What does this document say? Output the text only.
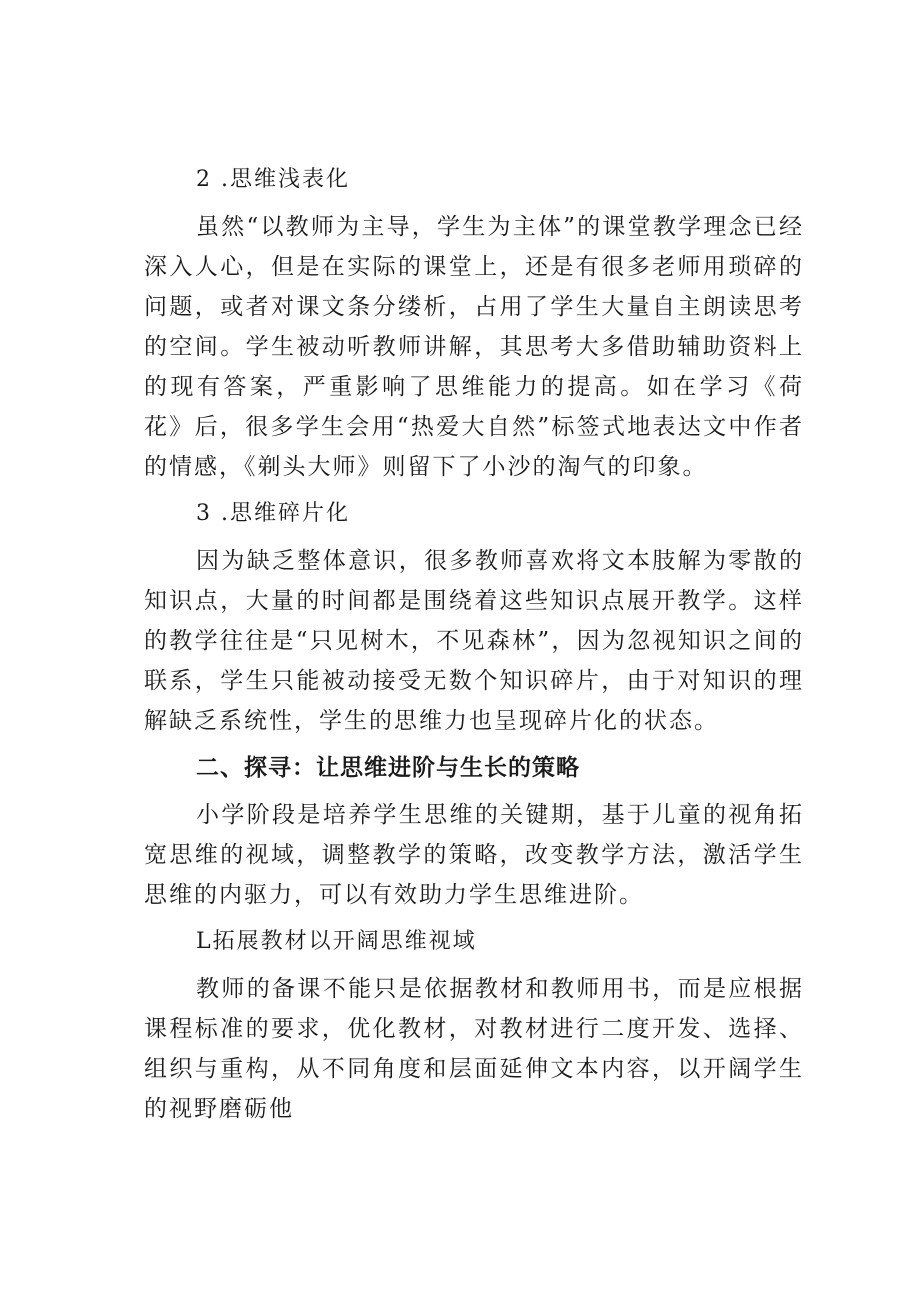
2 .思维浅表化

虽然“以教师为主导，学生为主体”的课堂教学理念已经深入人心，但是在实际的课堂上，还是有很多老师用琐碎的问题，或者对课文条分缕析，占用了学生大量自主朗读思考的空间。学生被动听教师讲解，其思考大多借助辅助资料上的现有答案，严重影响了思维能力的提高。如在学习《荷花》后，很多学生会用“热爱大自然”标签式地表达文中作者的情感，《剃头大师》则留下了小沙的淘气的印象。

3 .思维碎片化

因为缺乏整体意识，很多教师喜欢将文本肢解为零散的知识点，大量的时间都是围绕着这些知识点展开教学。这样的教学往往是“只见树木，不见森林”，因为忽视知识之间的联系，学生只能被动接受无数个知识碎片，由于对知识的理解缺乏系统性，学生的思维力也呈现碎片化的状态。

二、探寻：让思维进阶与生长的策略

小学阶段是培养学生思维的关键期，基于儿童的视角拓宽思维的视域，调整教学的策略，改变教学方法，激活学生思维的内驱力，可以有效助力学生思维进阶。

L拓展教材以开阔思维视域

教师的备课不能只是依据教材和教师用书，而是应根据课程标准的要求，优化教材，对教材进行二度开发、选择、组织与重构，从不同角度和层面延伸文本内容，以开阔学生的视野磨砺他
